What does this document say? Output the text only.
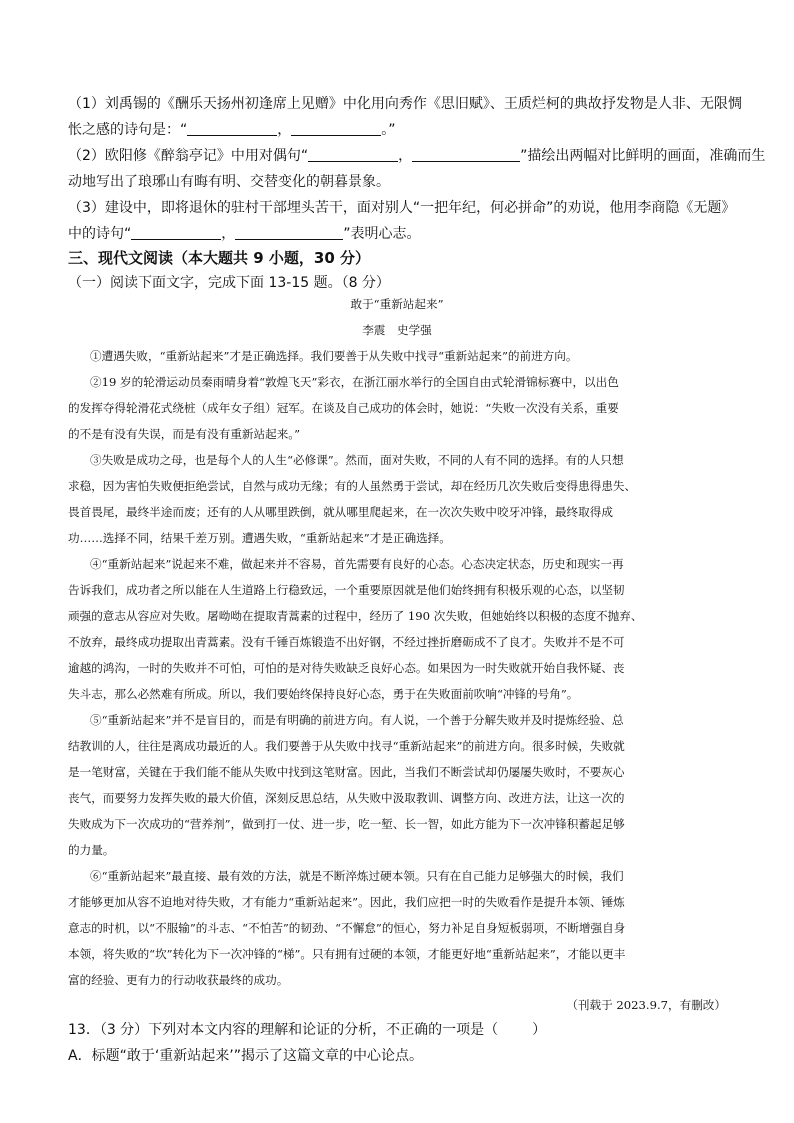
（1）刘禹锡的《酬乐天扬州初逢席上见赠》中化用向秀作《思旧赋》、王质烂柯的典故抒发物是人非、无限惆
怅之感的诗句是：“	，	。”
（2）欧阳修《醉翁亭记》中用对偶句“	，	”描绘出两幅对比鲜明的画面，准确而生
动地写出了琅琊山有晦有明、交替变化的朝暮景象。
（3）建设中，即将退休的驻村干部埋头苦干，面对别人“一把年纪，何必拼命”的劝说，他用李商隐《无题》
中的诗句“	，	”表明心志。
三、现代文阅读（本大题共 9 小题，30 分）
（一）阅读下面文字，完成下面 13-15 题。（8 分）
敢于“重新站起来”
李震　史学强
①遭遇失败，“重新站起来”才是正确选择。我们要善于从失败中找寻“重新站起来”的前进方向。
②19 岁的轮滑运动员秦雨晴身着“敦煌飞天”彩衣，在浙江丽水举行的全国自由式轮滑锦标赛中，以出色
的发挥夺得轮滑花式绕桩（成年女子组）冠军。在谈及自己成功的体会时，她说：“失败一次没有关系，重要
的不是有没有失误，而是有没有重新站起来。”
③失败是成功之母，也是每个人的人生“必修课”。然而，面对失败，不同的人有不同的选择。有的人只想
求稳，因为害怕失败便拒绝尝试，自然与成功无缘；有的人虽然勇于尝试，却在经历几次失败后变得患得患失、
畏首畏尾，最终半途而废；还有的人从哪里跌倒，就从哪里爬起来，在一次次失败中咬牙冲锋，最终取得成
功……选择不同，结果千差万别。遭遇失败，“重新站起来”才是正确选择。
④“重新站起来”说起来不难，做起来并不容易，首先需要有良好的心态。心态决定状态，历史和现实一再
告诉我们，成功者之所以能在人生道路上行稳致远，一个重要原因就是他们始终拥有积极乐观的心态，以坚韧
顽强的意志从容应对失败。屠呦呦在提取青蒿素的过程中，经历了 190 次失败，但她始终以积极的态度不抛弃、
不放弃，最终成功提取出青蒿素。没有千锤百炼锻造不出好钢，不经过挫折磨砺成不了良才。失败并不是不可
逾越的鸿沟，一时的失败并不可怕，可怕的是对待失败缺乏良好心态。如果因为一时失败就开始自我怀疑、丧
失斗志，那么必然难有所成。所以，我们要始终保持良好心态，勇于在失败面前吹响“冲锋的号角”。
⑤“重新站起来”并不是盲目的，而是有明确的前进方向。有人说，一个善于分解失败并及时提炼经验、总
结教训的人，往往是离成功最近的人。我们要善于从失败中找寻“重新站起来”的前进方向。很多时候，失败就
是一笔财富，关键在于我们能不能从失败中找到这笔财富。因此，当我们不断尝试却仍屡屡失败时，不要灰心
丧气，而要努力发挥失败的最大价值，深刻反思总结，从失败中汲取教训、调整方向、改进方法，让这一次的
失败成为下一次成功的“营养剂”，做到打一仗、进一步，吃一堑、长一智，如此方能为下一次冲锋积蓄起足够
的力量。
⑥“重新站起来”最直接、最有效的方法，就是不断淬炼过硬本领。只有在自己能力足够强大的时候，我们
才能够更加从容不迫地对待失败，才有能力“重新站起来”。因此，我们应把一时的失败看作是提升本领、锤炼
意志的时机，以“不服输”的斗志、“不怕苦”的韧劲、“不懈怠”的恒心，努力补足自身短板弱项，不断增强自身
本领，将失败的“坎”转化为下一次冲锋的“梯”。只有拥有过硬的本领，才能更好地“重新站起来”，才能以更丰
富的经验、更有力的行动收获最终的成功。
（刊载于 2023.9.7，有删改）
13．（3 分）下列对本文内容的理解和论证的分析，不正确的一项是（ ）
A．标题“敢于‘重新站起来’”揭示了这篇文章的中心论点。
